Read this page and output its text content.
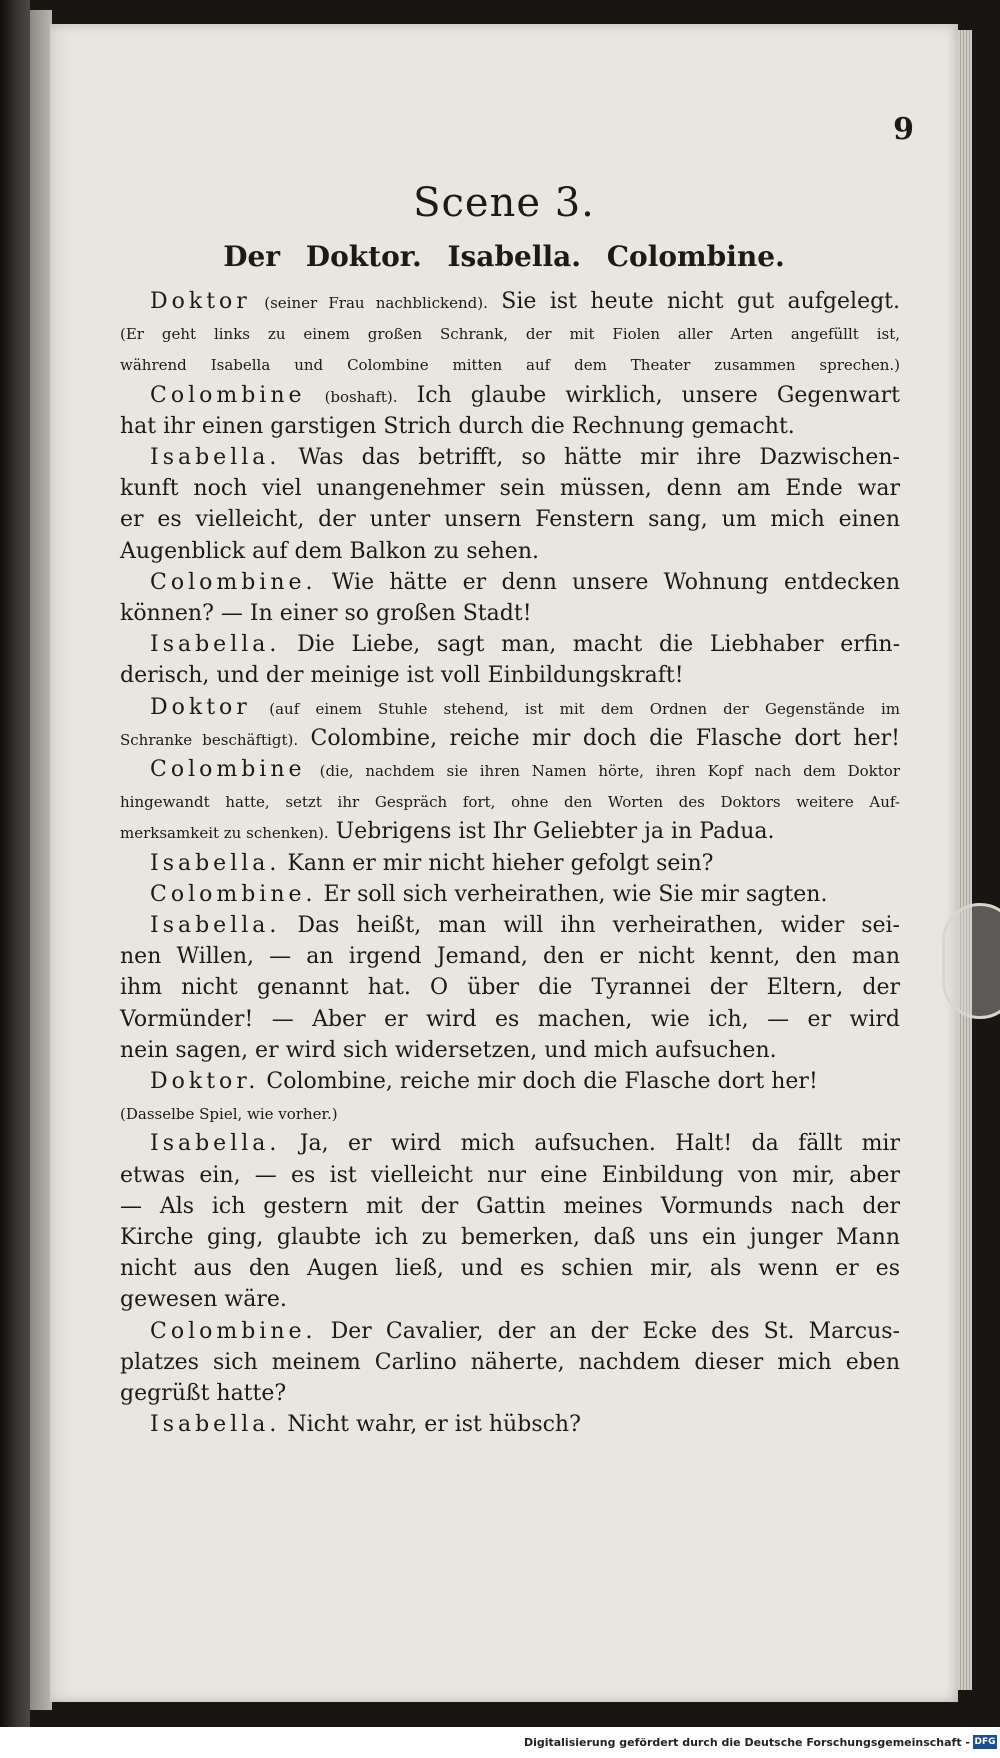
9
Scene 3.
Der Doktor. Isabella. Colombine.
Doktor (seiner Frau nachblickend). Sie ist heute nicht gut aufgelegt.
(Er geht links zu einem großen Schrank, der mit Fiolen aller Arten angefüllt ist,
während Isabella und Colombine mitten auf dem Theater zusammen sprechen.)
Colombine (boshaft). Ich glaube wirklich, unsere Gegenwart
hat ihr einen garstigen Strich durch die Rechnung gemacht.
Isabella. Was das betrifft, so hätte mir ihre Dazwischen-
kunft noch viel unangenehmer sein müssen, denn am Ende war
er es vielleicht, der unter unsern Fenstern sang, um mich einen
Augenblick auf dem Balkon zu sehen.
Colombine. Wie hätte er denn unsere Wohnung entdecken
können? — In einer so großen Stadt!
Isabella. Die Liebe, sagt man, macht die Liebhaber erfin-
derisch, und der meinige ist voll Einbildungskraft!
Doktor (auf einem Stuhle stehend, ist mit dem Ordnen der Gegenstände im
Schranke beschäftigt). Colombine, reiche mir doch die Flasche dort her!
Colombine (die, nachdem sie ihren Namen hörte, ihren Kopf nach dem Doktor
hingewandt hatte, setzt ihr Gespräch fort, ohne den Worten des Doktors weitere Auf-
merksamkeit zu schenken). Uebrigens ist Ihr Geliebter ja in Padua.
Isabella. Kann er mir nicht hieher gefolgt sein?
Colombine. Er soll sich verheirathen, wie Sie mir sagten.
Isabella. Das heißt, man will ihn verheirathen, wider sei-
nen Willen, — an irgend Jemand, den er nicht kennt, den man
ihm nicht genannt hat. O über die Tyrannei der Eltern, der
Vormünder! — Aber er wird es machen, wie ich, — er wird
nein sagen, er wird sich widersetzen, und mich aufsuchen.
Doktor. Colombine, reiche mir doch die Flasche dort her!
(Dasselbe Spiel, wie vorher.)
Isabella. Ja, er wird mich aufsuchen. Halt! da fällt mir
etwas ein, — es ist vielleicht nur eine Einbildung von mir, aber
— Als ich gestern mit der Gattin meines Vormunds nach der
Kirche ging, glaubte ich zu bemerken, daß uns ein junger Mann
nicht aus den Augen ließ, und es schien mir, als wenn er es
gewesen wäre.
Colombine. Der Cavalier, der an der Ecke des St. Marcus-
platzes sich meinem Carlino näherte, nachdem dieser mich eben
gegrüßt hatte?
Isabella. Nicht wahr, er ist hübsch?
Digitalisierung gefördert durch die Deutsche Forschungsgemeinschaft - DFG
